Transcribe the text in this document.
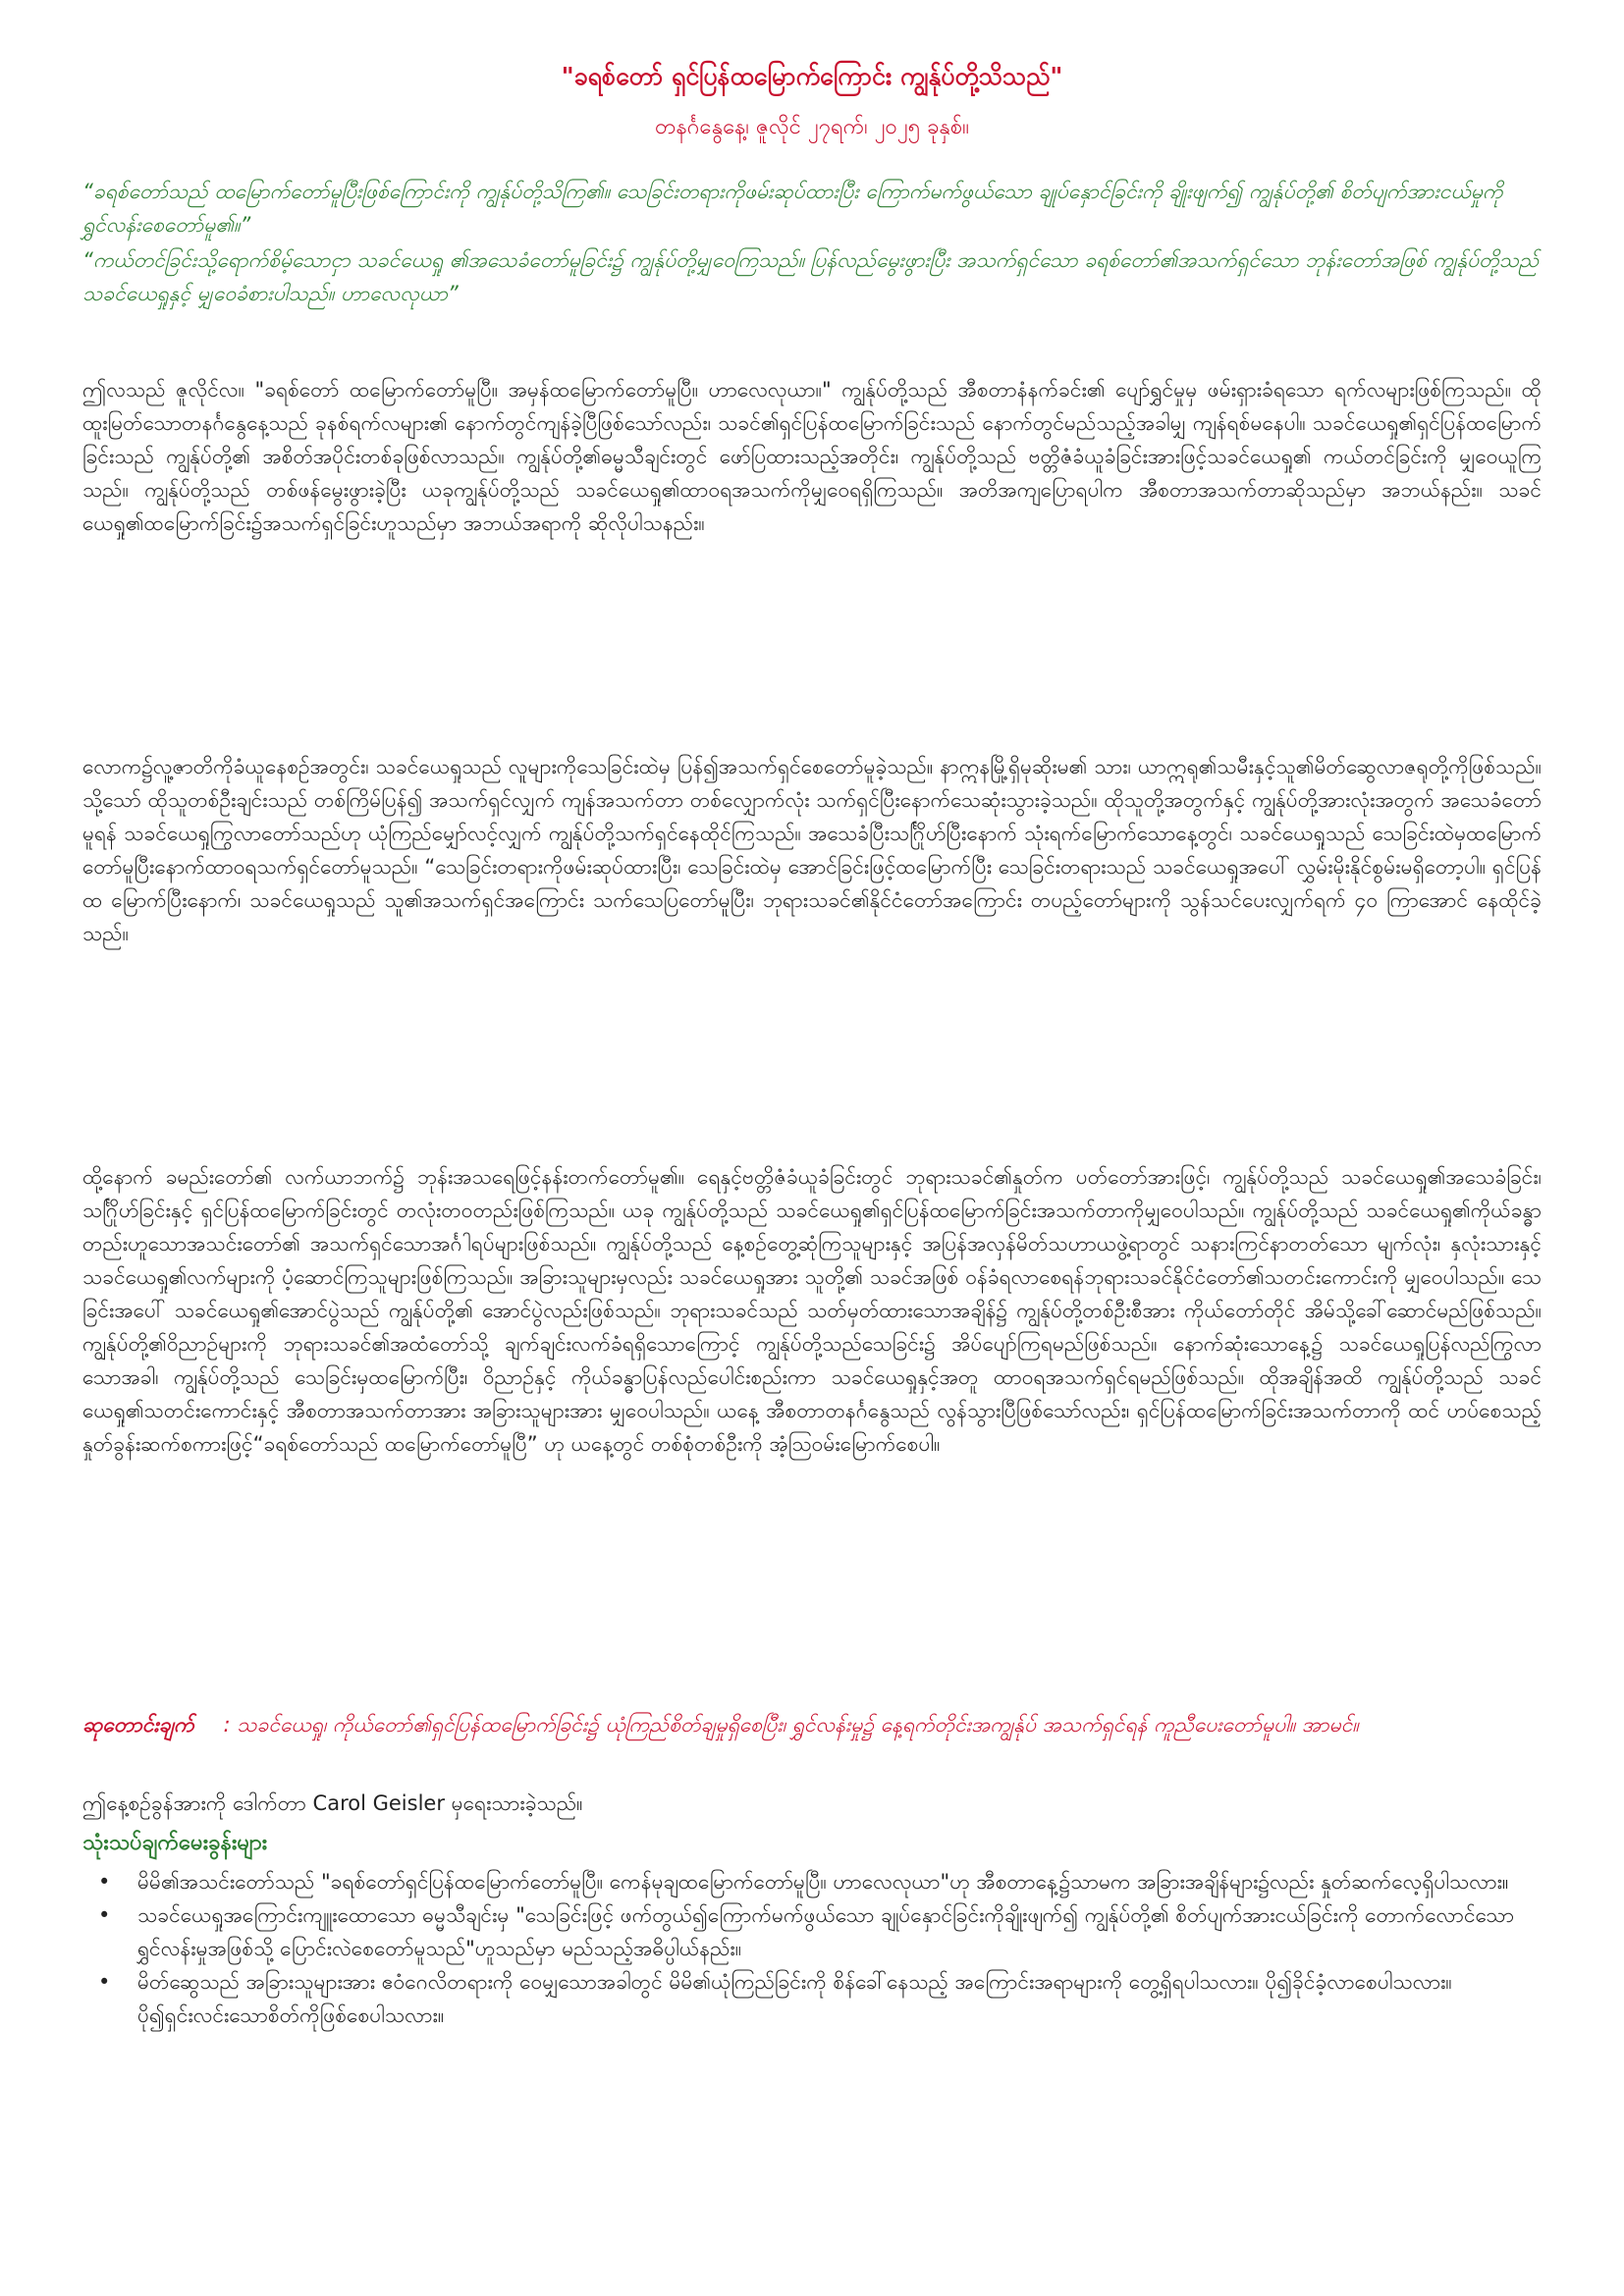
"ခရစ်တော် ရှင်ပြန်ထမြောက်ကြောင်း ကျွန်ုပ်တို့သိသည်"
တနင်္ဂနွေနေ့၊ ဇူလိုင် ၂၇ရက်၊ ၂၀၂၅ ခုနှစ်။
“ခရစ်တော်သည် ထမြောက်တော်မူပြီးဖြစ်ကြောင်းကို ကျွန်ုပ်တို့သိကြ၏။ သေခြင်းတရားကိုဖမ်းဆုပ်ထားပြီး ကြောက်မက်ဖွယ်သော ချုပ်နှောင်ခြင်းကို ချိုးဖျက်၍ ကျွန်ုပ်တို့၏ စိတ်ပျက်အားငယ်မှုကို ရွှင်လန်းစေတော်မူ၏။”
“ကယ်တင်ခြင်းသို့ရောက်စိမ့်သောငှာ သခင်ယေရှု ၏အသေခံတော်မူခြင်း၌ ကျွန်ုပ်တို့မျှဝေကြသည်။ ပြန်လည်မွေးဖွားပြီး အသက်ရှင်သော ခရစ်တော်၏အသက်ရှင်သော ဘုန်းတော်အဖြစ် ကျွန်ုပ်တို့သည် သခင်ယေရှုနှင့် မျှဝေခံစားပါသည်။ ဟာလေလုယာ”
ဤလသည် ဇူလိုင်လ။ "ခရစ်တော် ထမြောက်တော်မူပြီ။ အမှန်ထမြောက်တော်မူပြီ။ ဟာလေလုယာ။" ကျွန်ုပ်တို့သည် အီစတာနံနက်ခင်း၏ ပျော်ရွှင်မှုမှ ဖမ်းရှားခံရသော ရက်လများဖြစ်ကြသည်။ ထိုထူးမြတ်သောတနင်္ဂနွေနေ့သည် ခုနစ်ရက်လများ၏ နောက်တွင်ကျန်ခဲ့ပြီဖြစ်သော်လည်း၊ သခင်၏ရှင်ပြန်ထမြောက်ခြင်းသည် နောက်တွင်မည်သည့်အခါမျှ ကျန်ရစ်မနေပါ။ သခင်ယေရှု၏ရှင်ပြန်ထမြောက်ခြင်းသည် ကျွန်ုပ်တို့၏ အစိတ်အပိုင်းတစ်ခုဖြစ်လာသည်။ ကျွန်ုပ်တို့၏ဓမ္မသီချင်းတွင် ဖော်ပြထားသည့်အတိုင်း၊ ကျွန်ုပ်တို့သည် ဗတ္တိဇံခံယူခံခြင်းအားဖြင့်သခင်ယေရှု၏ ကယ်တင်ခြင်းကို မျှဝေယူကြသည်။ ကျွန်ုပ်တို့သည် တစ်ဖန်မွေးဖွားခဲ့ပြီး ယခုကျွန်ုပ်တို့သည် သခင်ယေရှု၏ထာဝရအသက်ကိုမျှဝေရရှိကြသည်။ အတိအကျပြောရပါက အီစတာအသက်တာဆိုသည်မှာ အဘယ်နည်း။ သခင်ယေရှု၏ထမြောက်ခြင်း၌အသက်ရှင်ခြင်းဟူသည်မှာ အဘယ်အရာကို ဆိုလိုပါသနည်း။
လောက၌လူ့ဇာတိကိုခံယူနေစဉ်အတွင်း၊ သခင်ယေရှုသည် လူများကိုသေခြင်းထဲမှ ပြန်၍အသက်ရှင်စေတော်မူခဲ့သည်။ နာဣနမြို့ရှိမုဆိုးမ၏ သား၊ ယာဣရု၏သမီးနှင့်သူ၏မိတ်ဆွေလာဇရုတို့ကိုဖြစ်သည်။ သို့သော် ထိုသူတစ်ဦးချင်းသည် တစ်ကြိမ်ပြန်၍ အသက်ရှင်လျှက် ကျန်အသက်တာ တစ်လျှောက်လုံး သက်ရှင်ပြီးနောက်သေဆုံးသွားခဲ့သည်။ ထိုသူတို့အတွက်နှင့် ကျွန်ုပ်တို့အားလုံးအတွက် အသေခံတော်မူရန် သခင်ယေရှုကြွလာတော်သည်ဟု ယုံကြည်မျှော်လင့်လျှက် ကျွန်ုပ်တို့သက်ရှင်နေထိုင်ကြသည်။ အသေခံပြီးသင်္ဂြိုဟ်ပြီးနောက် သုံးရက်မြောက်သောနေ့တွင်၊ သခင်ယေရှုသည် သေခြင်းထဲမှထမြောက်တော်မူပြီးနောက်ထာဝရသက်ရှင်တော်မူသည်။ “သေခြင်းတရားကိုဖမ်းဆုပ်ထားပြီး၊ သေခြင်းထဲမှ အောင်ခြင်းဖြင့်ထမြောက်ပြီး သေခြင်းတရားသည် သခင်ယေရှုအပေါ် လွှမ်းမိုးနိုင်စွမ်းမရှိတော့ပါ။ ရှင်ပြန်ထ မြောက်ပြီးနောက်၊ သခင်ယေရှုသည် သူ၏အသက်ရှင်အကြောင်း သက်သေပြတော်မူပြီး၊ ဘုရားသခင်၏နိုင်ငံတော်အကြောင်း တပည့်တော်များကို သွန်သင်ပေးလျှက်ရက် ၄၀ ကြာအောင် နေထိုင်ခဲ့သည်။
ထို့နောက် ခမည်းတော်၏ လက်ယာဘက်၌ ဘုန်းအသရေဖြင့်နန်းတက်တော်မူ၏။ ရေနှင့်ဗတ္တိဇံခံယူခံခြင်းတွင် ဘုရားသခင်၏နှုတ်က ပတ်တော်အားဖြင့်၊ ကျွန်ုပ်တို့သည် သခင်ယေရှု၏အသေခံခြင်း၊ သင်္ဂြိုဟ်ခြင်းနှင့် ရှင်ပြန်ထမြောက်ခြင်းတွင် တလုံးတဝတည်းဖြစ်ကြသည်။ ယခု ကျွန်ုပ်တို့သည် သခင်ယေရှု၏ရှင်ပြန်ထမြောက်ခြင်းအသက်တာကိုမျှဝေပါသည်။ ကျွန်ုပ်တို့သည် သခင်ယေရှု၏ကိုယ်ခန္ဓာတည်းဟူသောအသင်းတော်၏ အသက်ရှင်သောအင်္ဂါရပ်များဖြစ်သည်။ ကျွန်ုပ်တို့သည် နေ့စဉ်တွေ့ဆုံကြသူများနှင့် အပြန်အလှန်မိတ်သဟာယဖွဲ့ရာတွင် သနားကြင်နာတတ်သော မျက်လုံး၊ နှလုံးသားနှင့် သခင်ယေရှု၏လက်များကို ပံ့ဆောင်ကြသူများဖြစ်ကြသည်။ အခြားသူများမှလည်း သခင်ယေရှုအား သူတို့၏ သခင်အဖြစ် ဝန်ခံရလာစေရန်ဘုရားသခင်နိုင်ငံတော်၏သတင်းကောင်းကို မျှဝေပါသည်။ သေခြင်းအပေါ် သခင်ယေရှု၏အောင်ပွဲသည် ကျွန်ုပ်တို့၏ အောင်ပွဲလည်းဖြစ်သည်။ ဘုရားသခင်သည် သတ်မှတ်ထားသောအချိန်၌ ကျွန်ုပ်တို့တစ်ဦးစီအား ကိုယ်တော်တိုင် အိမ်သို့ခေါ်ဆောင်မည်ဖြစ်သည်။ ကျွန်ုပ်တို့၏ဝိညာဉ်များကို ဘုရားသခင်၏အထံတော်သို့ ချက်ချင်းလက်ခံရရှိသောကြောင့် ကျွန်ုပ်တို့သည်သေခြင်း၌ အိပ်ပျော်ကြရမည်ဖြစ်သည်။ နောက်ဆုံးသောနေ့၌ သခင်ယေရှုပြန်လည်ကြွလာသောအခါ၊ ကျွန်ုပ်တို့သည် သေခြင်းမှထမြောက်ပြီး၊ ဝိညာဉ်နှင့် ကိုယ်ခန္ဓာပြန်လည်ပေါင်းစည်းကာ သခင်ယေရှုနှင့်အတူ ထာဝရအသက်ရှင်ရမည်ဖြစ်သည်။ ထိုအချိန်အထိ ကျွန်ုပ်တို့သည် သခင်ယေရှု၏သတင်းကောင်းနှင့် အီစတာအသက်တာအား အခြားသူများအား မျှဝေပါသည်။ ယနေ့ အီစတာတနင်္ဂနွေသည် လွန်သွားပြီဖြစ်သော်လည်း၊ ရှင်ပြန်ထမြောက်ခြင်းအသက်တာကို ထင် ဟပ်စေသည့် နှုတ်ခွန်းဆက်စကားဖြင့်“ခရစ်တော်သည် ထမြောက်တော်မူပြီ” ဟု ယနေ့တွင် တစ်စုံတစ်ဦးကို အံ့သြဝမ်းမြောက်စေပါ။
ဆုတောင်းချက် : သခင်ယေရှု၊ ကိုယ်တော်၏ရှင်ပြန်ထမြောက်ခြင်း၌ ယုံကြည်စိတ်ချမှုရှိစေပြီး၊ ရွှင်လန်းမှု၌ နေ့ရက်တိုင်းအကျွန်ုပ် အသက်ရှင်ရန် ကူညီပေးတော်မူပါ။ အာမင်။
ဤနေ့စဉ်ခွန်အားကို ဒေါက်တာ Carol Geisler မှရေးသားခဲ့သည်။
သုံးသပ်ချက်မေးခွန်းများ
• မိမိ၏အသင်းတော်သည် "ခရစ်တော်ရှင်ပြန်ထမြောက်တော်မူပြီ။ ကေန်မုချထမြောက်တော်မူပြီ။ ဟာလေလုယာ"ဟု အီစတာနေ့၌သာမက အခြားအချိန်များ၌လည်း နှုတ်ဆက်လေ့ရှိပါသလား။
• သခင်ယေရှုအကြောင်းကျူးထောသော ဓမ္မသီချင်းမှ "သေခြင်းဖြင့် ဖက်တွယ်၍ကြောက်မက်ဖွယ်သော ချုပ်နှောင်ခြင်းကိုချိုးဖျက်၍ ကျွန်ုပ်တို့၏ စိတ်ပျက်အားငယ်ခြင်းကို တောက်လောင်သောရွှင်လန်းမှုအဖြစ်သို့ ပြောင်းလဲစေတော်မူသည်"ဟူသည်မှာ မည်သည့်အဓိပ္ပါယ်နည်း။
• မိတ်ဆွေသည် အခြားသူများအား ဧဝံဂေလိတရားကို ဝေမျှသောအခါတွင် မိမိ၏ယုံကြည်ခြင်းကို စိန်ခေါ်နေသည့် အကြောင်းအရာများကို တွေ့ရှိရပါသလား။ ပို၍ခိုင်ခံ့လာစေပါသလား။ ပို၍ရှင်းလင်းသောစိတ်ကိုဖြစ်စေပါသလား။
